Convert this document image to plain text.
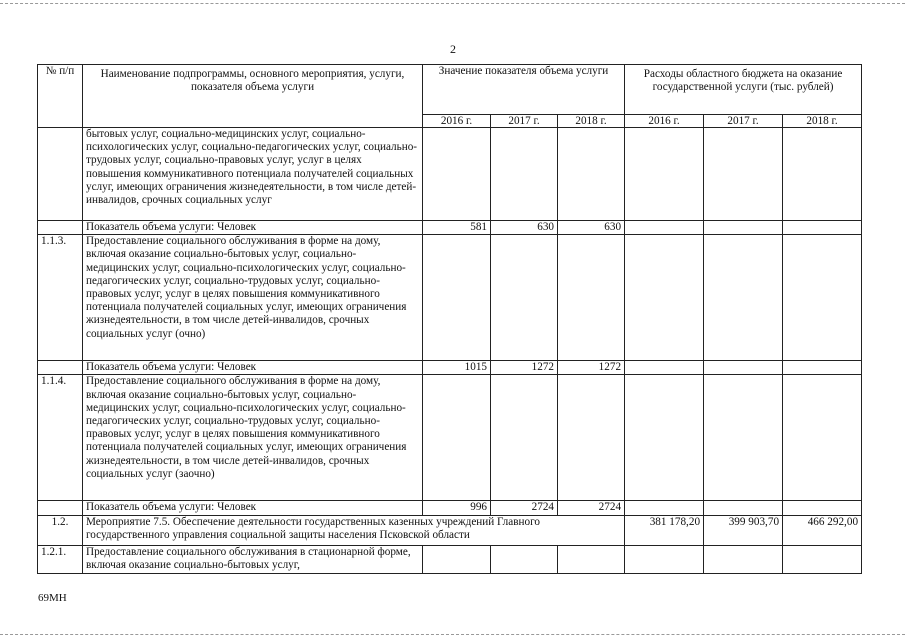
2
№ п/п	Наименование подпрограммы, основного мероприятия, услуги, показателя объема услуги	Значение показателя объема услуги			Расходы областного бюджета на оказание государственной услуги (тыс. рублей)		
		2016 г.	2017 г.	2018 г.	2016 г.	2017 г.	2018 г.
	бытовых услуг, социально-медицинских услуг, социально-психологических услуг, социально-педагогических услуг, социально-трудовых услуг, социально-правовых услуг, услуг в целях повышения коммуникативного потенциала получателей социальных услуг, имеющих ограничения жизнедеятельности, в том числе детей-инвалидов, срочных социальных услуг						
	Показатель объема услуги: Человек	581	630	630			
1.1.3.	Предоставление социального обслуживания в форме на дому, включая оказание социально-бытовых услуг, социально-медицинских услуг, социально-психологических услуг, социально-педагогических услуг, социально-трудовых услуг, социально-правовых услуг, услуг в целях повышения коммуникативного потенциала получателей социальных услуг, имеющих ограничения жизнедеятельности, в том числе детей-инвалидов, срочных социальных услуг (очно)						
	Показатель объема услуги: Человек	1015	1272	1272			
1.1.4.	Предоставление социального обслуживания в форме на дому, включая оказание социально-бытовых услуг, социально-медицинских услуг, социально-психологических услуг, социально-педагогических услуг, социально-трудовых услуг, социально-правовых услуг, услуг в целях повышения коммуникативного потенциала получателей социальных услуг, имеющих ограничения жизнедеятельности, в том числе детей-инвалидов, срочных социальных услуг (заочно)						
	Показатель объема услуги: Человек	996	2724	2724			
1.2.	Мероприятие 7.5. Обеспечение деятельности государственных казенных учреждений Главного государственного управления социальной защиты населения Псковской области				381 178,20	399 903,70	466 292,00
1.2.1.	Предоставление социального обслуживания в стационарной форме, включая оказание социально-бытовых услуг,						
69МН
